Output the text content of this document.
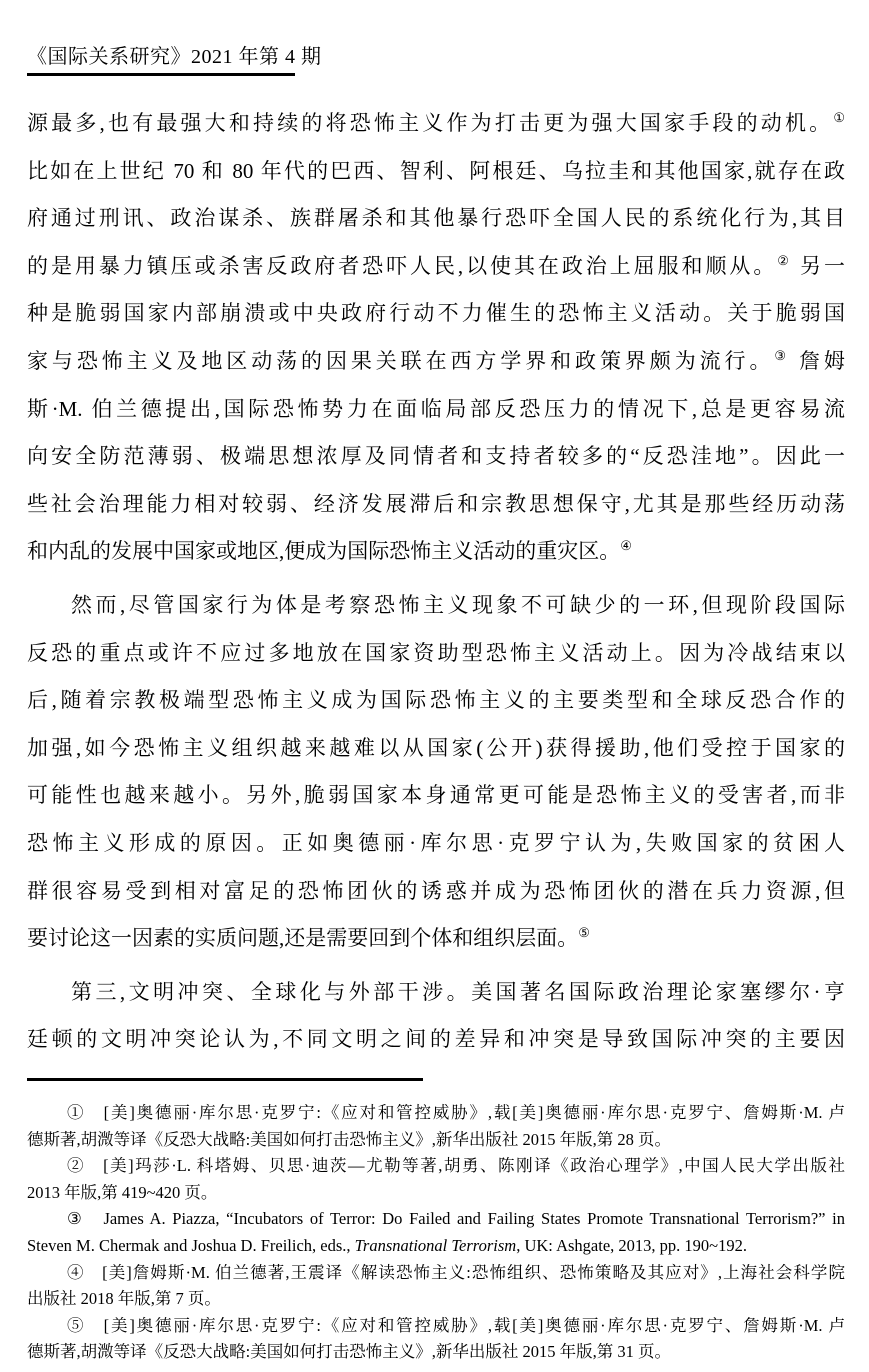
《国际关系研究》2021 年第 4 期
源最多,也有最强大和持续的将恐怖主义作为打击更为强大国家手段的动机。①
比如在上世纪 70 和 80 年代的巴西、智利、阿根廷、乌拉圭和其他国家,就存在政
府通过刑讯、政治谋杀、族群屠杀和其他暴行恐吓全国人民的系统化行为,其目
的是用暴力镇压或杀害反政府者恐吓人民,以使其在政治上屈服和顺从。② 另一
种是脆弱国家内部崩溃或中央政府行动不力催生的恐怖主义活动。关于脆弱国
家与恐怖主义及地区动荡的因果关联在西方学界和政策界颇为流行。③ 詹姆
斯·M. 伯兰德提出,国际恐怖势力在面临局部反恐压力的情况下,总是更容易流
向安全防范薄弱、极端思想浓厚及同情者和支持者较多的“反恐洼地”。因此一
些社会治理能力相对较弱、经济发展滞后和宗教思想保守,尤其是那些经历动荡
和内乱的发展中国家或地区,便成为国际恐怖主义活动的重灾区。④
然而,尽管国家行为体是考察恐怖主义现象不可缺少的一环,但现阶段国际
反恐的重点或许不应过多地放在国家资助型恐怖主义活动上。因为冷战结束以
后,随着宗教极端型恐怖主义成为国际恐怖主义的主要类型和全球反恐合作的
加强,如今恐怖主义组织越来越难以从国家(公开)获得援助,他们受控于国家的
可能性也越来越小。另外,脆弱国家本身通常更可能是恐怖主义的受害者,而非
恐怖主义形成的原因。正如奥德丽·库尔思·克罗宁认为,失败国家的贫困人
群很容易受到相对富足的恐怖团伙的诱惑并成为恐怖团伙的潜在兵力资源,但
要讨论这一因素的实质问题,还是需要回到个体和组织层面。⑤
第三,文明冲突、全球化与外部干涉。美国著名国际政治理论家塞缪尔·亨
廷顿的文明冲突论认为,不同文明之间的差异和冲突是导致国际冲突的主要因
①　[美]奥德丽·库尔思·克罗宁:《应对和管控威胁》,载[美]奥德丽·库尔思·克罗宁、詹姆斯·M. 卢
德斯著,胡溦等译《反恐大战略:美国如何打击恐怖主义》,新华出版社 2015 年版,第 28 页。
②　[美]玛莎·L. 科塔姆、贝思·迪茨—尤勒等著,胡勇、陈刚译《政治心理学》,中国人民大学出版社
2013 年版,第 419~420 页。
③　James A. Piazza, “Incubators of Terror: Do Failed and Failing States Promote Transnational Terrorism?” in
Steven M. Chermak and Joshua D. Freilich, eds., Transnational Terrorism, UK: Ashgate, 2013, pp. 190~192.
④　[美]詹姆斯·M. 伯兰德著,王震译《解读恐怖主义:恐怖组织、恐怖策略及其应对》,上海社会科学院
出版社 2018 年版,第 7 页。
⑤　[美]奥德丽·库尔思·克罗宁:《应对和管控威胁》,载[美]奥德丽·库尔思·克罗宁、詹姆斯·M. 卢
德斯著,胡溦等译《反恐大战略:美国如何打击恐怖主义》,新华出版社 2015 年版,第 31 页。
